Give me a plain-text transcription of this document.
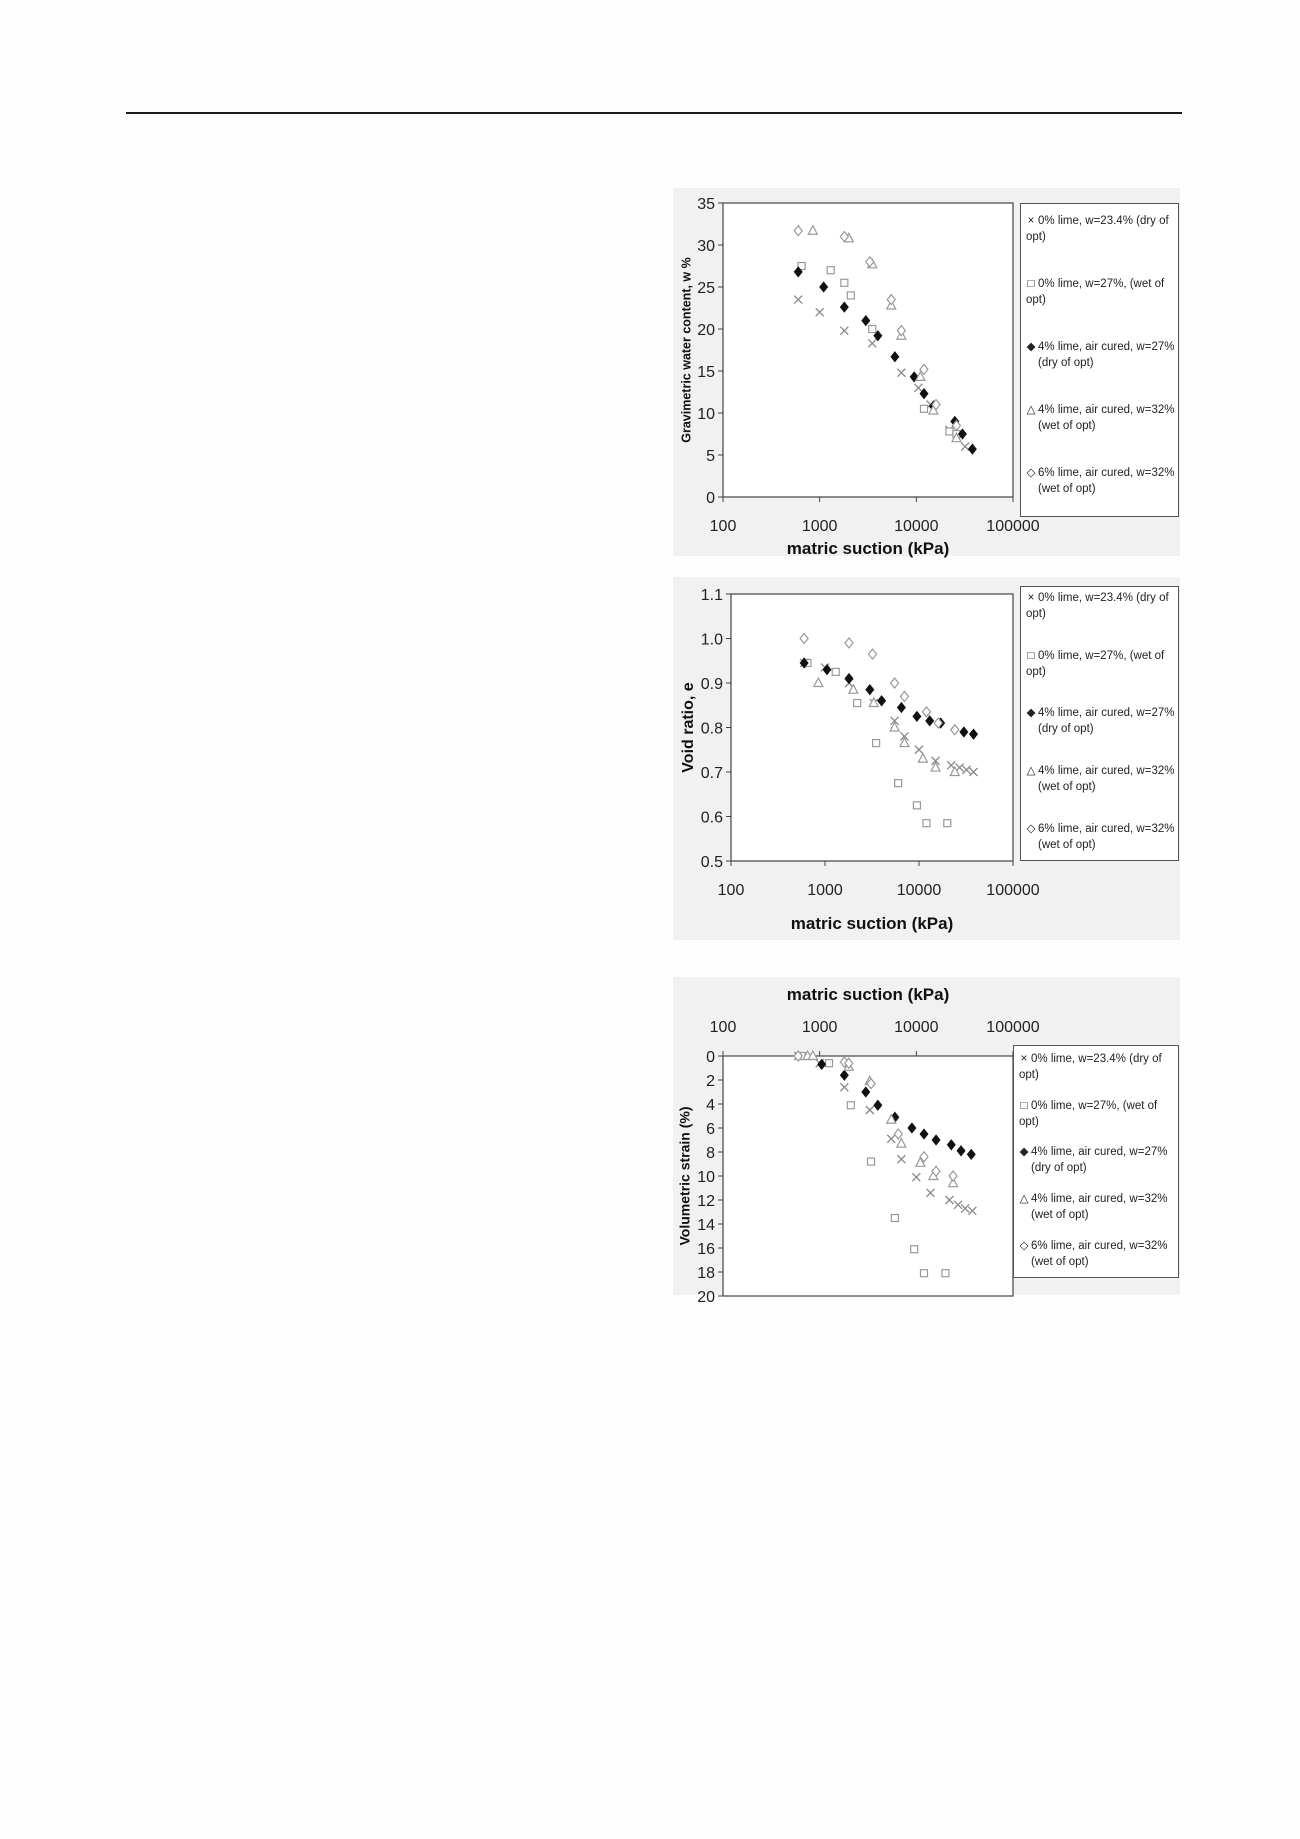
0
5
10
15
20
25
30
35
100	1000	10000	100000
matric suction (kPa)
Gravimetric water content, w %
× 0% lime, w=23.4% (dry of opt)
□ 0% lime, w=27%, (wet of opt)
◆ 4% lime, air cured, w=27%
(dry of opt)
△ 4% lime, air cured, w=32%
(wet of opt)
◇ 6% lime, air cured, w=32%
(wet of opt)
0.5
0.6
0.7
0.8
0.9
1.0
1.1
100	1000	10000	100000
matric suction (kPa)
Void ratio, e
× 0% lime, w=23.4% (dry of opt)
□ 0% lime, w=27%, (wet of opt)
◆ 4% lime, air cured, w=27%
(dry of opt)
△ 4% lime, air cured, w=32%
(wet of opt)
◇ 6% lime, air cured, w=32%
(wet of opt)
0
2
4
6
8
10
12
14
16
18
20
100	1000	10000	100000
matric suction (kPa)
Volumetric strain (%)
× 0% lime, w=23.4% (dry of opt)
□ 0% lime, w=27%, (wet of opt)
◆ 4% lime, air cured, w=27%
(dry of opt)
△ 4% lime, air cured, w=32%
(wet of opt)
◇ 6% lime, air cured, w=32%
(wet of opt)
